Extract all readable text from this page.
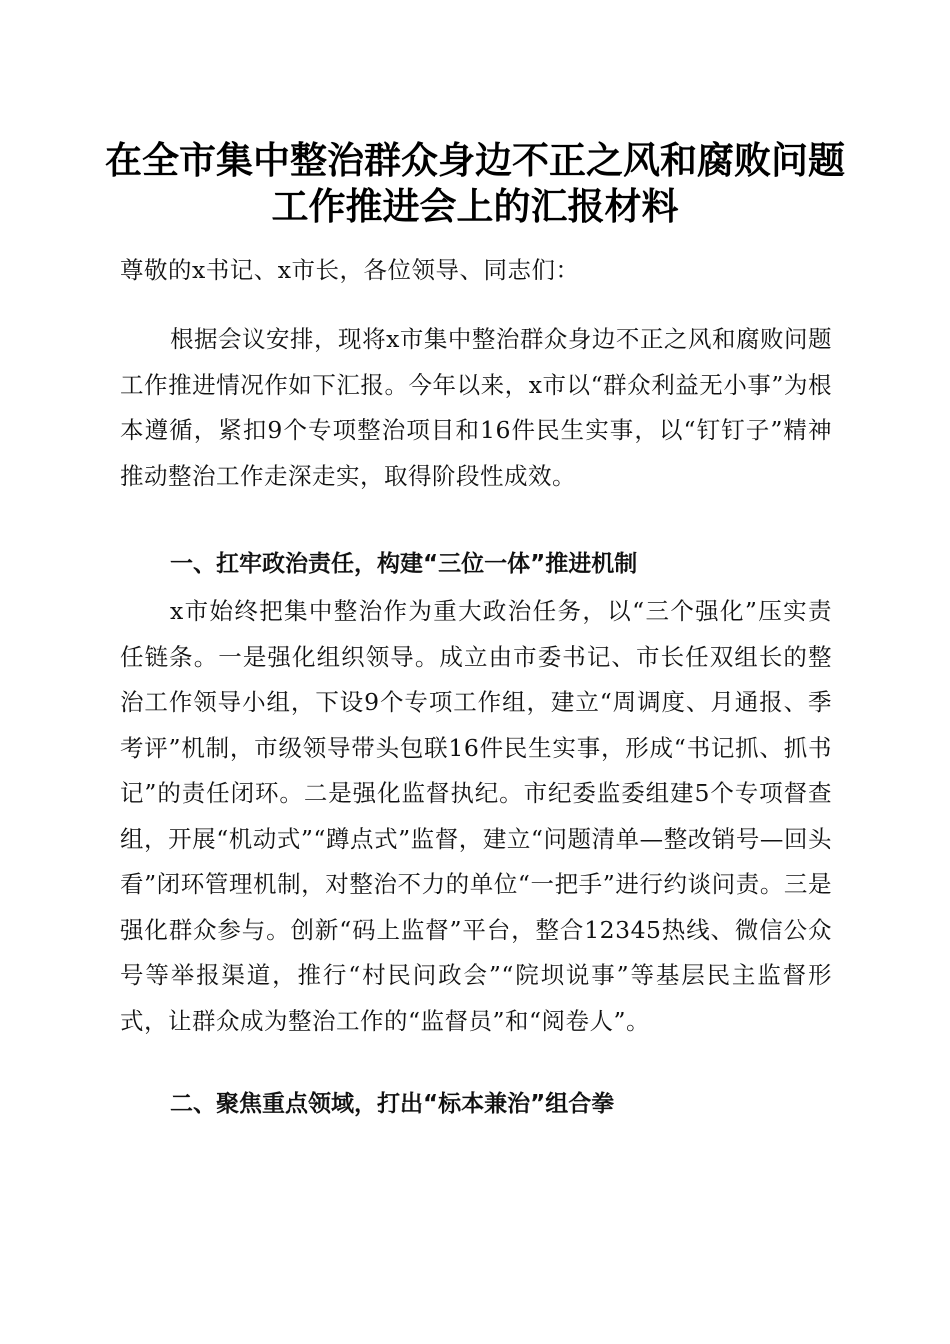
在全市集中整治群众身边不正之风和腐败问题
工作推进会上的汇报材料
尊敬的x书记、x市长，各位领导、同志们：
根据会议安排，现将x市集中整治群众身边不正之风和腐败问题工作推进情况作如下汇报。今年以来，x市以“群众利益无小事”为根本遵循，紧扣9个专项整治项目和16件民生实事，以“钉钉子”精神推动整治工作走深走实，取得阶段性成效。
一、扛牢政治责任，构建“三位一体”推进机制
x市始终把集中整治作为重大政治任务，以“三个强化”压实责任链条。一是强化组织领导。成立由市委书记、市长任双组长的整治工作领导小组，下设9个专项工作组，建立“周调度、月通报、季考评”机制，市级领导带头包联16件民生实事，形成“书记抓、抓书记”的责任闭环。二是强化监督执纪。市纪委监委组建5个专项督查组，开展“机动式”“蹲点式”监督，建立“问题清单—整改销号—回头看”闭环管理机制，对整治不力的单位“一把手”进行约谈问责。三是强化群众参与。创新“码上监督”平台，整合12345热线、微信公众号等举报渠道，推行“村民问政会”“院坝说事”等基层民主监督形式，让群众成为整治工作的“监督员”和“阅卷人”。
二、聚焦重点领域，打出“标本兼治”组合拳
